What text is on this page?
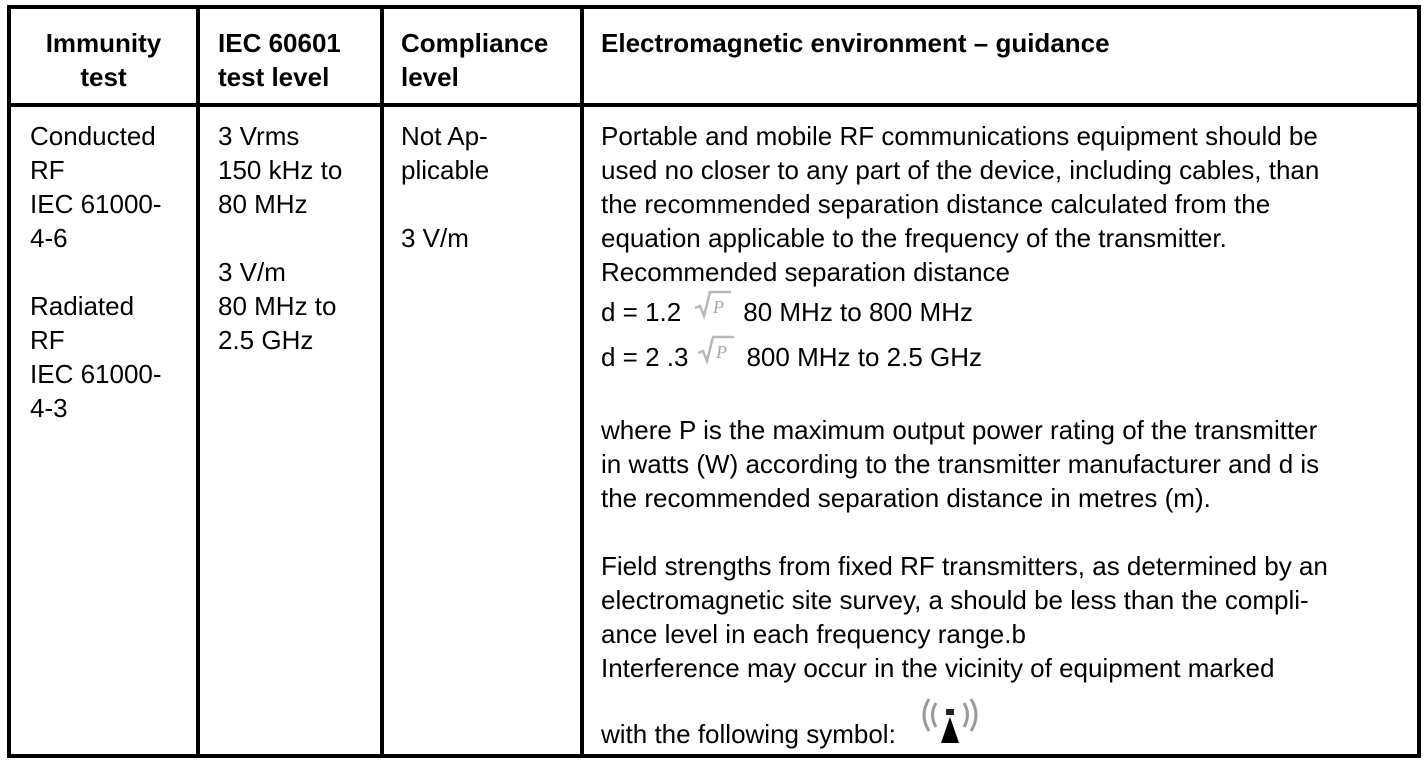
Immunity
test
IEC 60601
test level
Compliance
level
Electromagnetic environment – guidance
Conducted
RF
IEC 61000-
4-6
Radiated
RF
IEC 61000-
4-3
3 Vrms
150 kHz to
80 MHz
3 V/m
80 MHz to
2.5 GHz
Not Ap-
plicable
3 V/m
Portable and mobile RF communications equipment should be
used no closer to any part of the device, including cables, than
the recommended separation distance calculated from the
equation applicable to the frequency of the transmitter.
Recommended separation distance
d = 1.2 P 80 MHz to 800 MHz
d = 2 .3 P 800 MHz to 2.5 GHz
where P is the maximum output power rating of the transmitter
in watts (W) according to the transmitter manufacturer and d is
the recommended separation distance in metres (m).
Field strengths from fixed RF transmitters, as determined by an
electromagnetic site survey, a should be less than the compli-
ance level in each frequency range.b
Interference may occur in the vicinity of equipment marked
with the following symbol:
